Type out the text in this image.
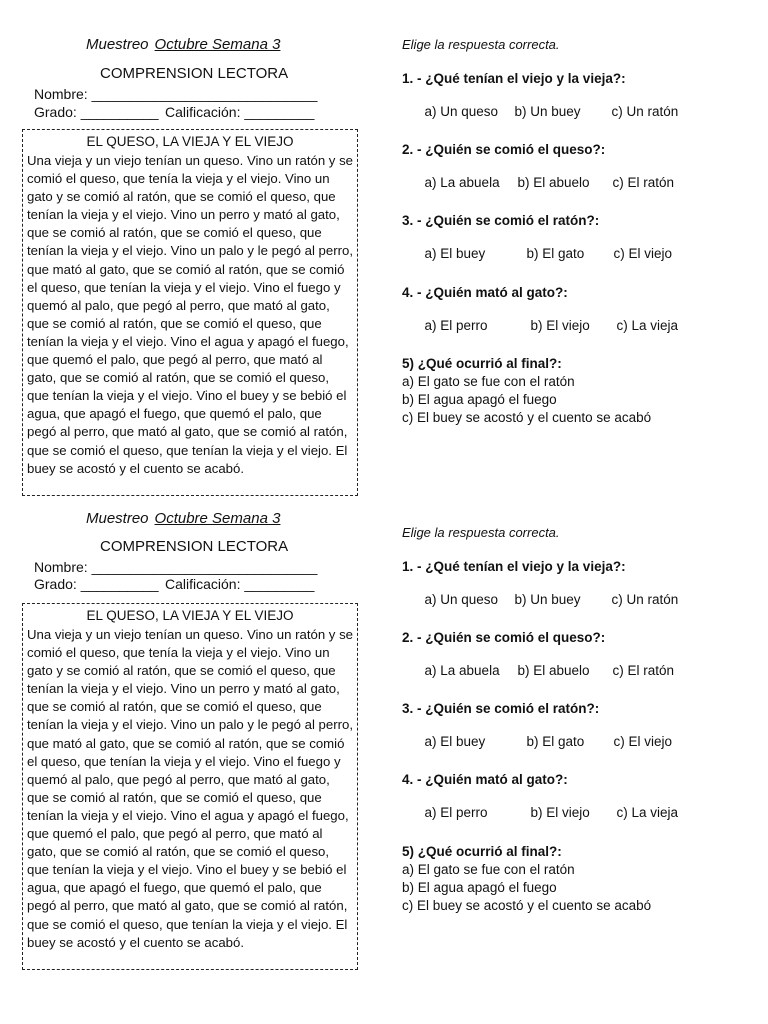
Muestreo Octubre Semana 3
COMPRENSION LECTORA
Nombre: _____________________________
Grado: __________ Calificación: _________
EL QUESO, LA VIEJA Y EL VIEJO
Una vieja y un viejo tenían un queso. Vino un ratón y se comió el queso, que tenía la vieja y el viejo. Vino un gato y se comió al ratón, que se comió el queso, que tenían la vieja y el viejo. Vino un perro y mató al gato, que se comió al ratón, que se comió el queso, que tenían la vieja y el viejo. Vino un palo y le pegó al perro, que mató al gato, que se comió al ratón, que se comió el queso, que tenían la vieja y el viejo. Vino el fuego y quemó al palo, que pegó al perro, que mató al gato, que se comió al ratón, que se comió el queso, que tenían la vieja y el viejo. Vino el agua y apagó el fuego, que quemó el palo, que pegó al perro, que mató al gato, que se comió al ratón, que se comió el queso, que tenían la vieja y el viejo. Vino el buey y se bebió el agua, que apagó el fuego, que quemó el palo, que pegó al perro, que mató al gato, que se comió al ratón, que se comió el queso, que tenían la vieja y el viejo. El buey se acostó y el cuento se acabó.
Elige la respuesta correcta.
1. - ¿Qué tenían el viejo y la vieja?:

a) Un queso b) Un buey c) Un ratón

2. - ¿Quién se comió el queso?:

a) La abuela b) El abuelo c) El ratón

3. - ¿Quién se comió el ratón?:

a) El buey	b) El gato c) El viejo

4. - ¿Quién mató al gato?:

a) El perro	b) El viejo c) La vieja

5) ¿Qué ocurrió al final?:
a) El gato se fue con el ratón
b) El agua apagó el fuego
c) El buey se acostó y el cuento se acabó
Muestreo Octubre Semana 3
COMPRENSION LECTORA
Nombre: _____________________________
Grado: __________ Calificación: _________
EL QUESO, LA VIEJA Y EL VIEJO
Una vieja y un viejo tenían un queso. Vino un ratón y se comió el queso, que tenía la vieja y el viejo. Vino un gato y se comió al ratón, que se comió el queso, que tenían la vieja y el viejo. Vino un perro y mató al gato, que se comió al ratón, que se comió el queso, que tenían la vieja y el viejo. Vino un palo y le pegó al perro, que mató al gato, que se comió al ratón, que se comió el queso, que tenían la vieja y el viejo. Vino el fuego y quemó al palo, que pegó al perro, que mató al gato, que se comió al ratón, que se comió el queso, que tenían la vieja y el viejo. Vino el agua y apagó el fuego, que quemó el palo, que pegó al perro, que mató al gato, que se comió al ratón, que se comió el queso, que tenían la vieja y el viejo. Vino el buey y se bebió el agua, que apagó el fuego, que quemó el palo, que pegó al perro, que mató al gato, que se comió al ratón, que se comió el queso, que tenían la vieja y el viejo. El buey se acostó y el cuento se acabó.
Elige la respuesta correcta.
1. - ¿Qué tenían el viejo y la vieja?:

a) Un queso b) Un buey c) Un ratón

2. - ¿Quién se comió el queso?:

a) La abuela b) El abuelo c) El ratón

3. - ¿Quién se comió el ratón?:

a) El buey	b) El gato c) El viejo

4. - ¿Quién mató al gato?:

a) El perro	b) El viejo c) La vieja

5) ¿Qué ocurrió al final?:
a) El gato se fue con el ratón
b) El agua apagó el fuego
c) El buey se acostó y el cuento se acabó
